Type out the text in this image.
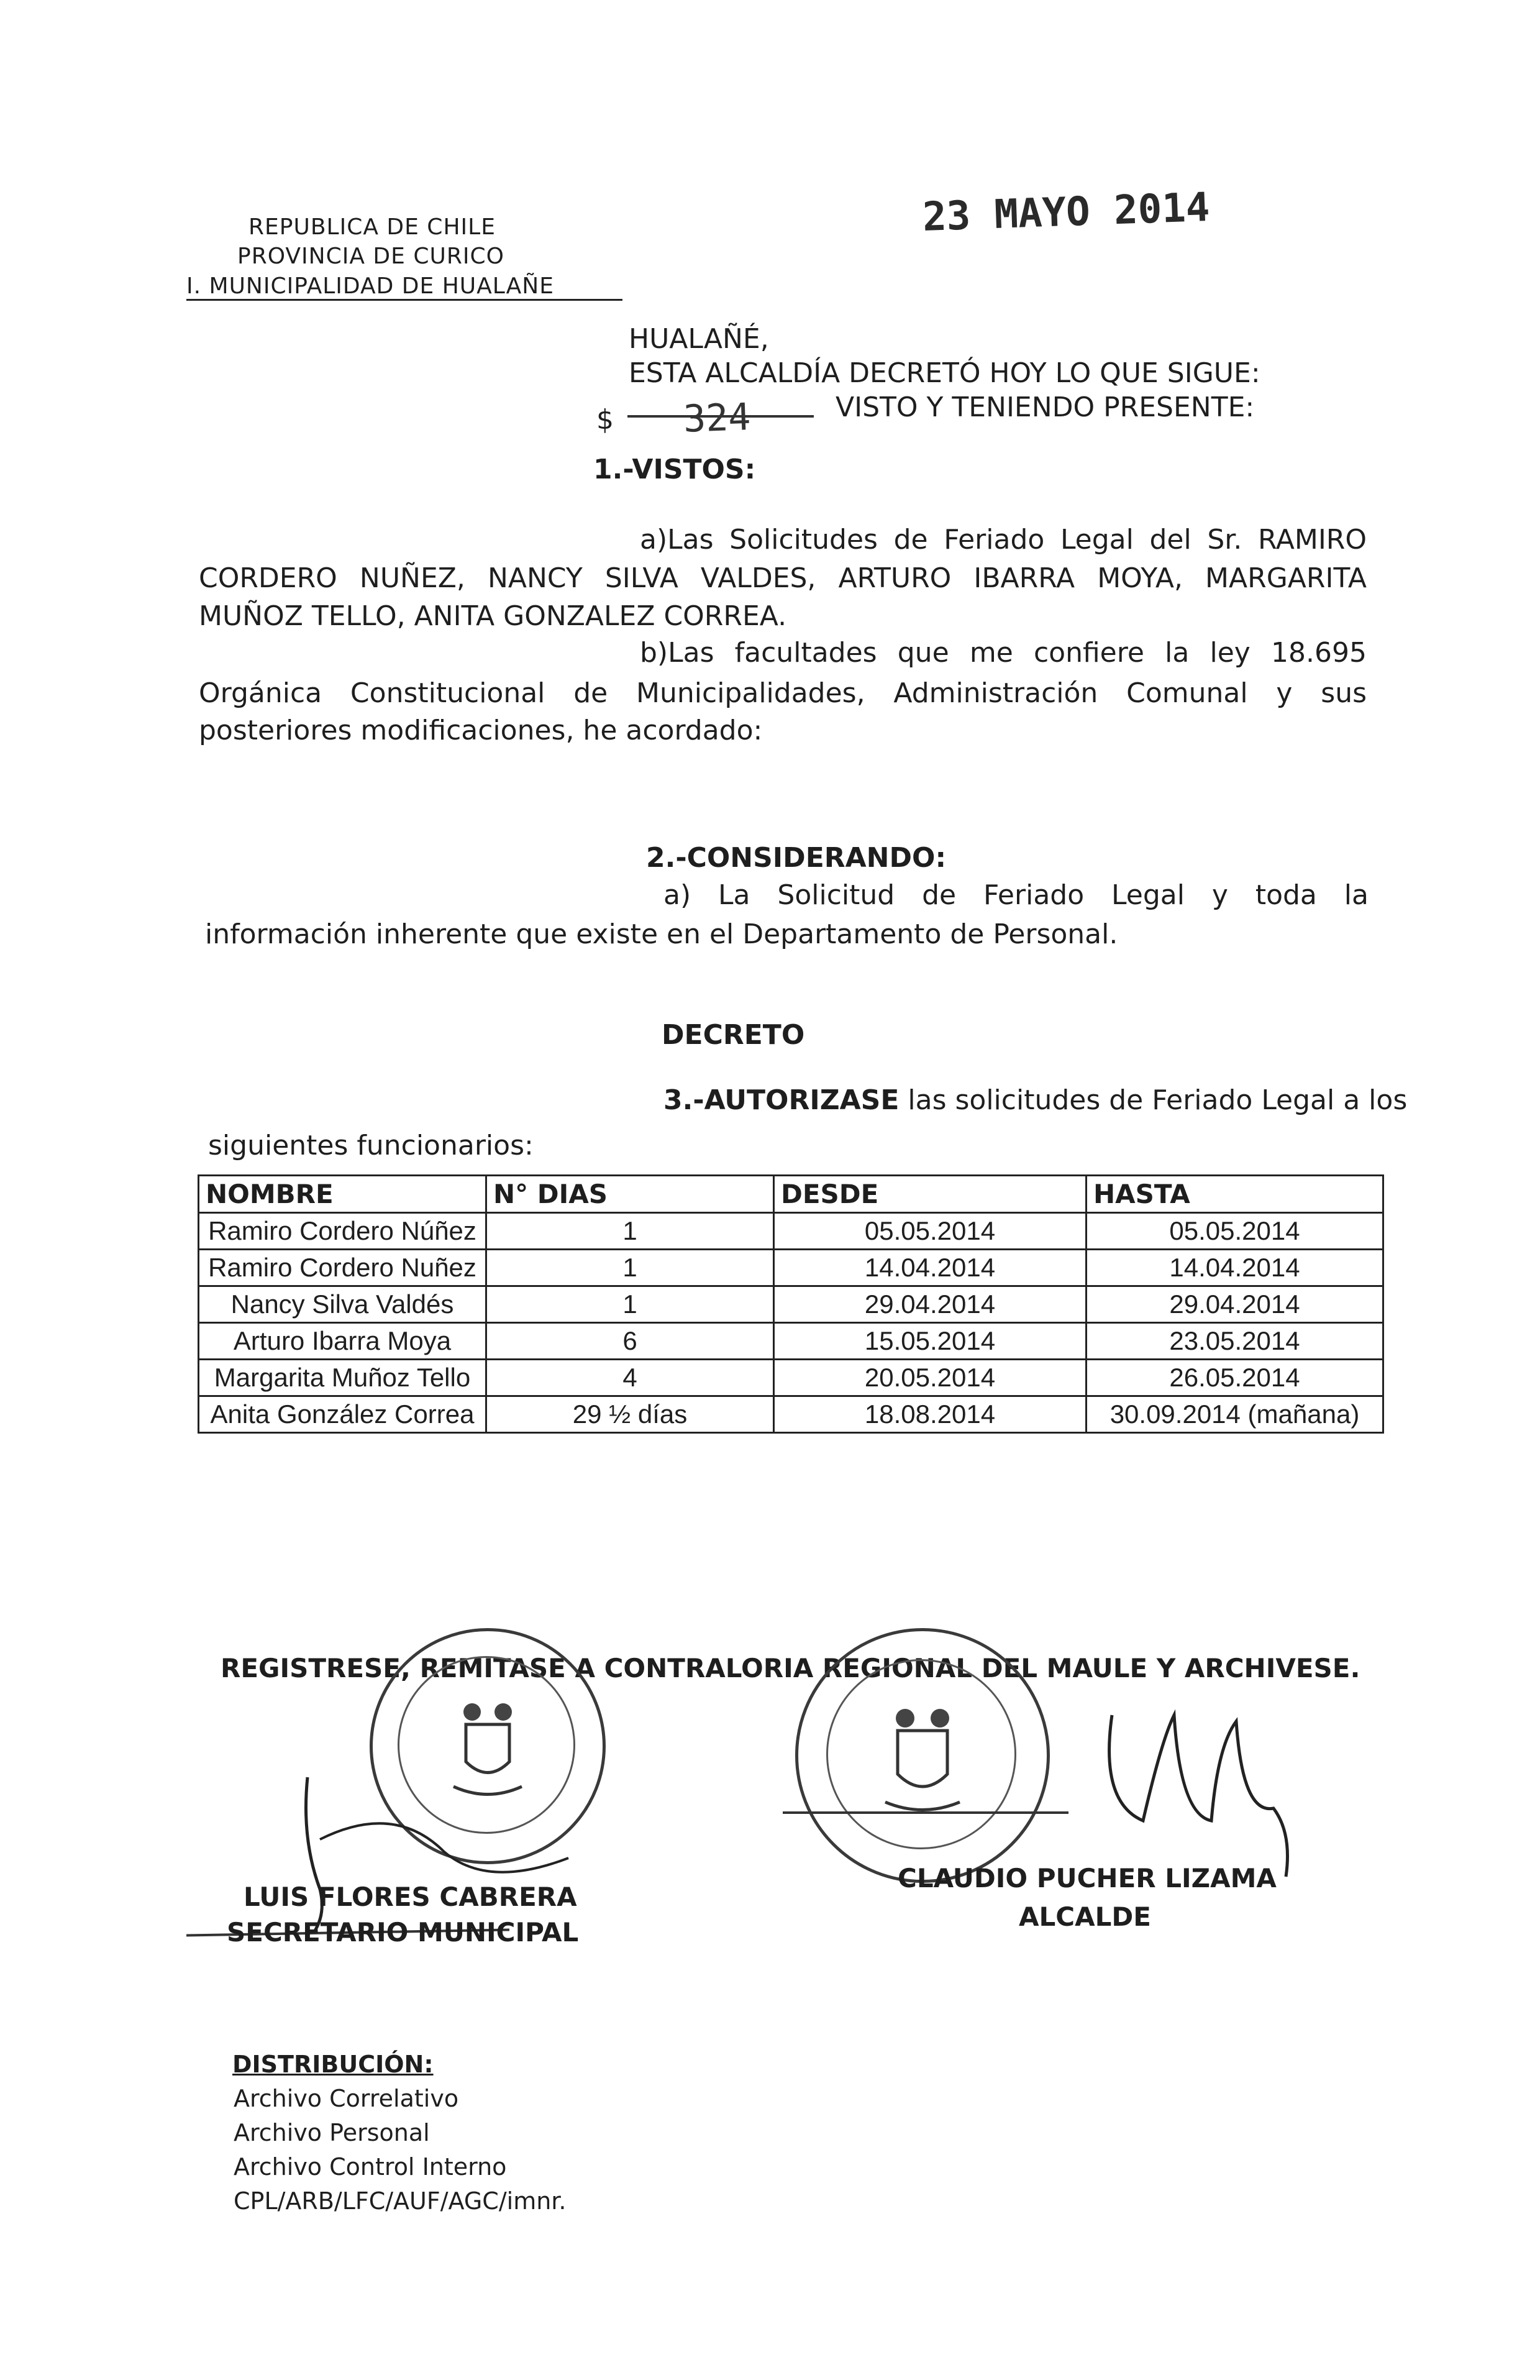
REPUBLICA DE CHILE
PROVINCIA DE CURICO
I. MUNICIPALIDAD DE HUALAÑE
23 MAYO 2014
HUALAÑÉ,
ESTA ALCALDÍA DECRETÓ HOY LO QUE SIGUE:
$ 324	VISTO Y TENIENDO PRESENTE:
1.-VISTOS:
a)Las Solicitudes de Feriado Legal del Sr. RAMIRO
CORDERO NUÑEZ, NANCY SILVA VALDES, ARTURO IBARRA MOYA, MARGARITA
MUÑOZ TELLO, ANITA GONZALEZ CORREA.
b)Las facultades que me confiere la ley 18.695
Orgánica Constitucional de Municipalidades, Administración Comunal y sus
posteriores modificaciones, he acordado:
2.-CONSIDERANDO:
a) La Solicitud de Feriado Legal y toda la
información inherente que existe en el Departamento de Personal.
DECRETO
3.-AUTORIZASE las solicitudes de Feriado Legal a los
siguientes funcionarios:
NOMBRE	N° DIAS	DESDE	HASTA
Ramiro Cordero Núñez	1	05.05.2014	05.05.2014
Ramiro Cordero Nuñez	1	14.04.2014	14.04.2014
Nancy Silva Valdés	1	29.04.2014	29.04.2014
Arturo Ibarra Moya	6	15.05.2014	23.05.2014
Margarita Muñoz Tello	4	20.05.2014	26.05.2014
Anita González Correa	29 ½ días	18.08.2014	30.09.2014 (mañana)
REGISTRESE, REMITASE A CONTRALORIA REGIONAL DEL MAULE Y ARCHIVESE.
LUIS FLORES CABRERA
SECRETARIO MUNICIPAL
CLAUDIO PUCHER LIZAMA
ALCALDE
DISTRIBUCIÓN:
Archivo Correlativo
Archivo Personal
Archivo Control Interno
CPL/ARB/LFC/AUF/AGC/imnr.
